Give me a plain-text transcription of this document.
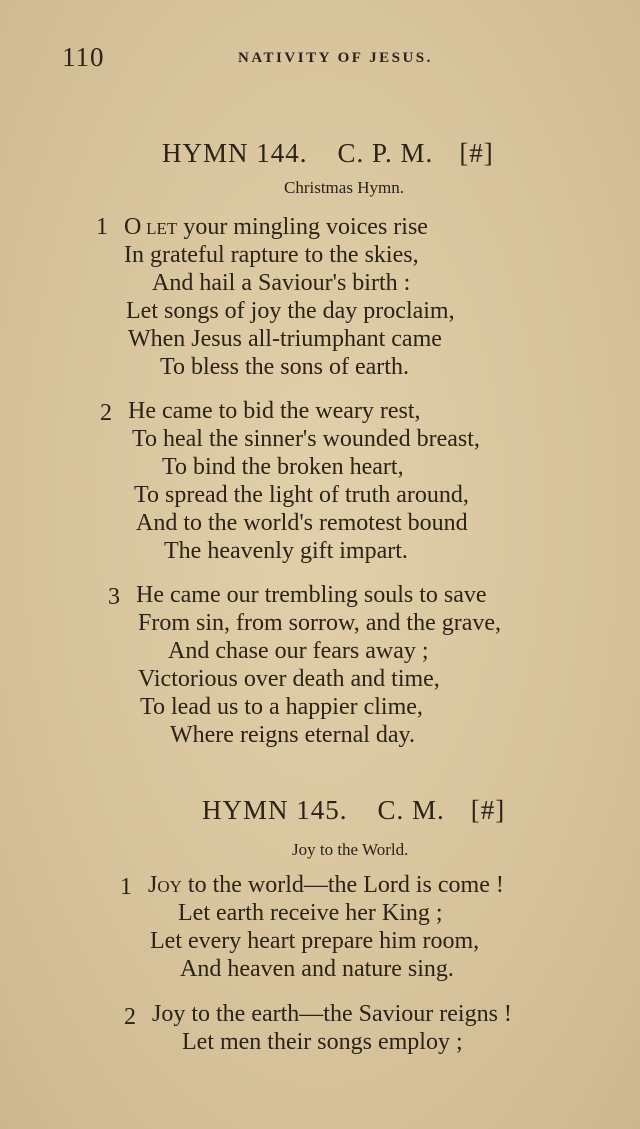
110	NATIVITY OF JESUS.
HYMN 144. C. P. M. [#]
Christmas Hymn.
1 O  let your mingling voices rise
In grateful rapture to the skies,
And hail a Saviour's birth :
Let songs of joy the day proclaim,
When Jesus all-triumphant came
To bless the sons of earth.
2 He came to bid the weary rest,
To heal the sinner's wounded breast,
To bind the broken heart,
To spread the light of truth around,
And to the world's remotest bound
The heavenly gift impart.
3 He came our trembling souls to save
From sin, from sorrow, and the grave,
And chase our fears away ;
Victorious over death and time,
To lead us to a happier clime,
Where reigns eternal day.
HYMN 145. C. M. [#]
Joy to the World.
1 Joy to the world—the Lord is come !
Let earth receive her King ;
Let every heart prepare him room,
And heaven and nature sing.
2 Joy to the earth—the Saviour reigns !
Let men their songs employ ;
